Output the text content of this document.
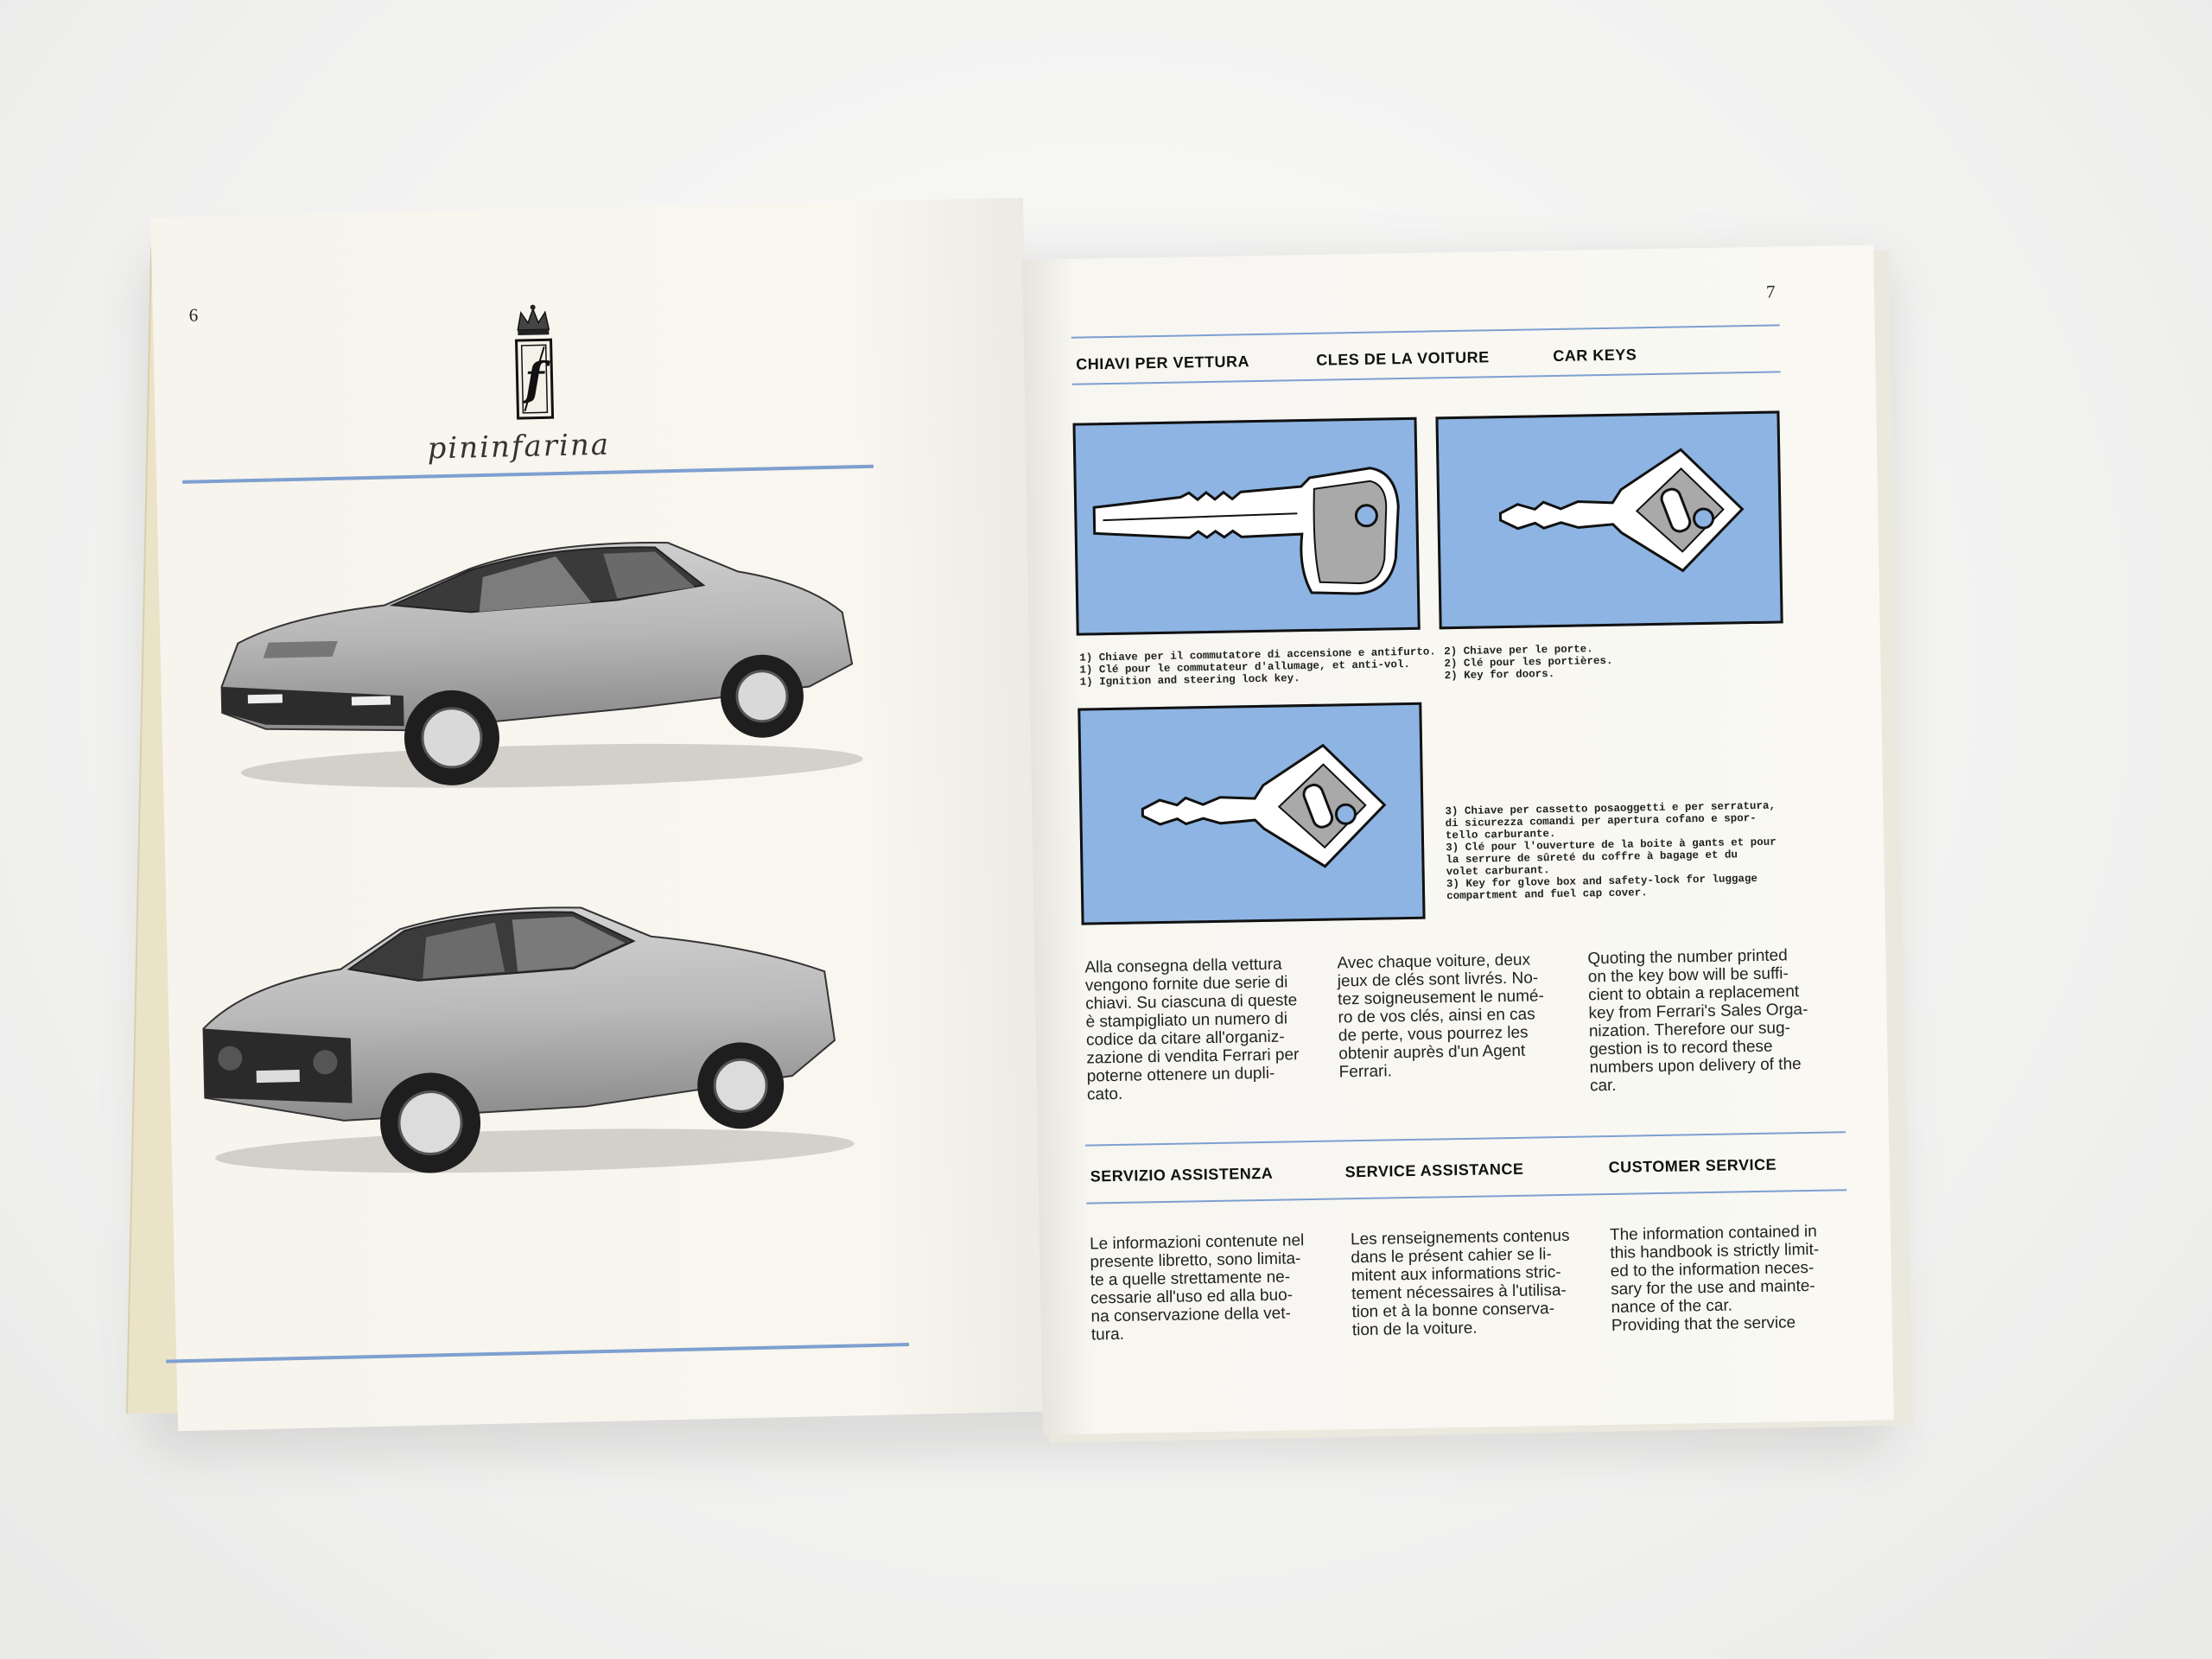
6
f
pininfarina
7
CHIAVI PER VETTURA	CLES DE LA VOITURE	CAR KEYS
1) Chiave per il commutatore di accensione e antifurto.
1) Clé pour le commutateur d'allumage, et anti-vol.
1) Ignition and steering lock key.
2) Chiave per le porte.
2) Clé pour les portières.
2) Key for doors.
3) Chiave per cassetto posaoggetti e per serratura,
di sicurezza comandi per apertura cofano e spor-
tello carburante.
3) Clé pour l'ouverture de la boite à gants et pour
la serrure de sûreté du coffre à bagage et du
volet carburant.
3) Key for glove box and safety-lock for luggage
compartment and fuel cap cover.
Alla consegna della vettura
vengono fornite due serie di
chiavi. Su ciascuna di queste
è stampigliato un numero di
codice da citare all'organiz-
zazione di vendita Ferrari per
poterne ottenere un dupli-
cato.
Avec chaque voiture, deux
jeux de clés sont livrés. No-
tez soigneusement le numé-
ro de vos clés, ainsi en cas
de perte, vous pourrez les
obtenir auprès d'un Agent
Ferrari.
Quoting the number printed
on the key bow will be suffi-
cient to obtain a replacement
key from Ferrari's Sales Orga-
nization. Therefore our sug-
gestion is to record these
numbers upon delivery of the
car.
SERVIZIO ASSISTENZA	SERVICE ASSISTANCE	CUSTOMER SERVICE
Le informazioni contenute nel
presente libretto, sono limita-
te a quelle strettamente ne-
cessarie all'uso ed alla buo-
na conservazione della vet-
tura.
Les renseignements contenus
dans le présent cahier se li-
mitent aux informations stric-
tement nécessaires à l'utilisa-
tion et à la bonne conserva-
tion de la voiture.
The information contained in
this handbook is strictly limit-
ed to the information neces-
sary for the use and mainte-
nance of the car.
Providing that the service
